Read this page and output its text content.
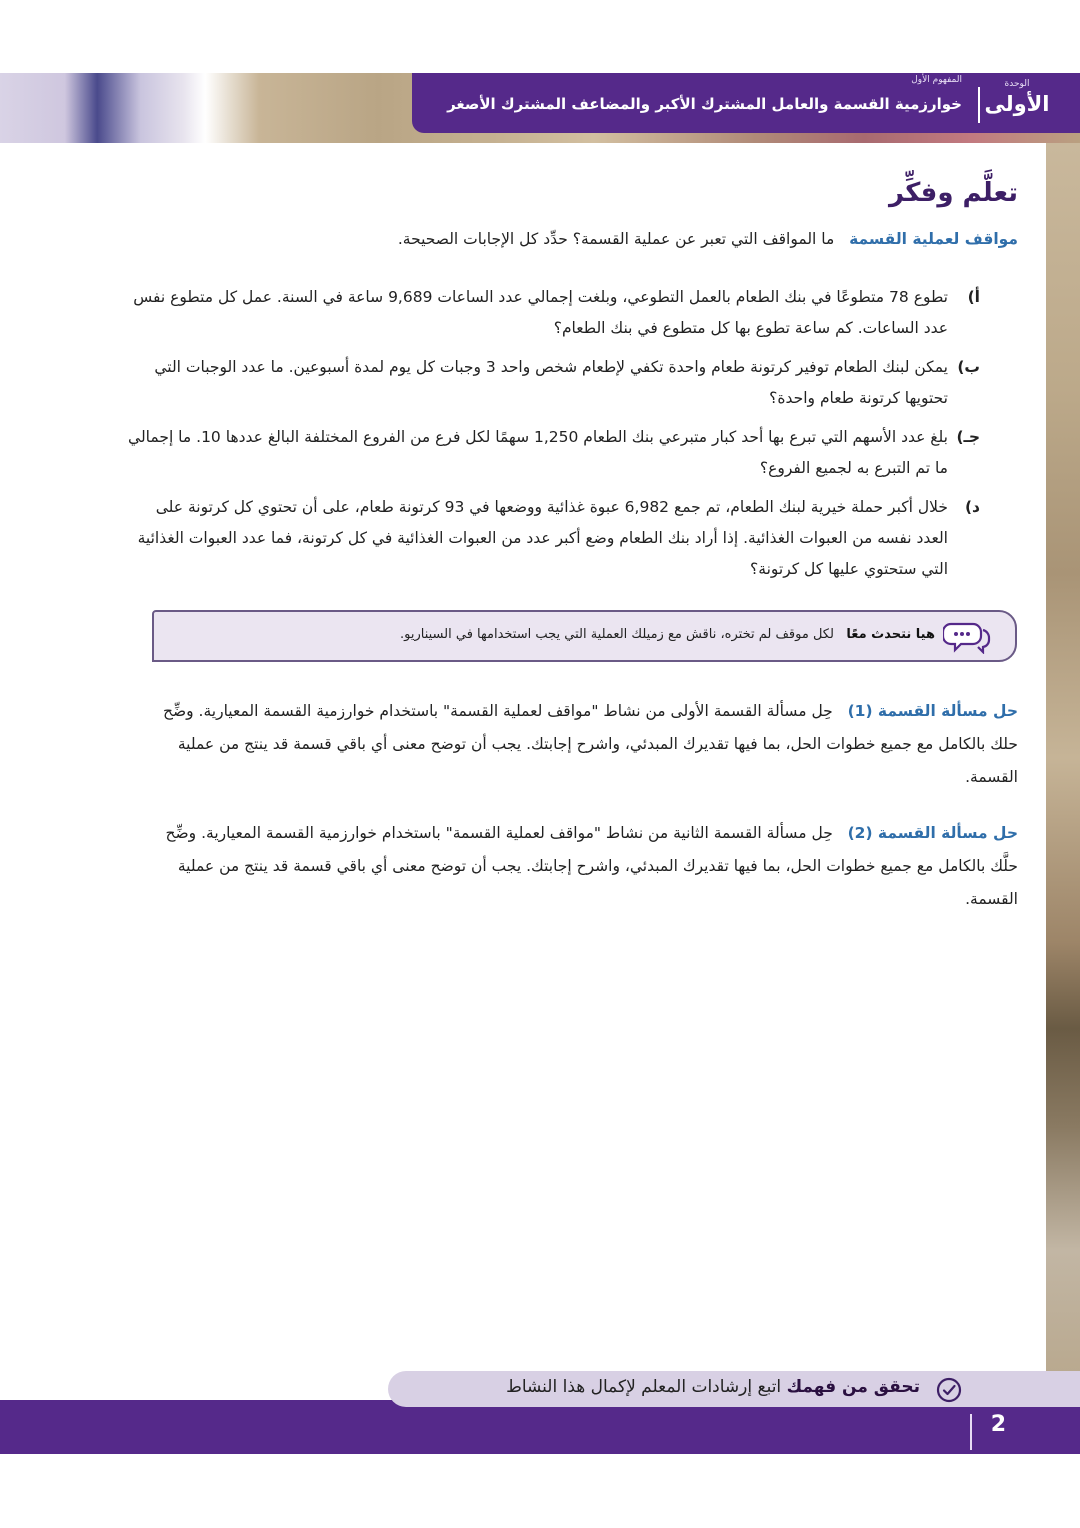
الوحدة
الأولى
المفهوم الأول
خوارزمية القسمة والعامل المشترك الأكبر والمضاعف المشترك الأصغر
تعلَّم وفكِّر

مواقف لعملية القسمة   ما المواقف التي تعبر عن عملية القسمة؟ حدِّد كل الإجابات الصحيحة.

أ)
تطوع 78 متطوعًا في بنك الطعام بالعمل التطوعي، وبلغت إجمالي عدد الساعات 9,689 ساعة في السنة. عمل كل متطوع نفس عدد الساعات. كم ساعة تطوع بها كل متطوع في بنك الطعام؟
ب)
يمكن لبنك الطعام توفير كرتونة طعام واحدة تكفي لإطعام شخص واحد 3 وجبات كل يوم لمدة أسبوعين. ما عدد الوجبات التي تحتويها كرتونة طعام واحدة؟
جـ)
بلغ عدد الأسهم التي تبرع بها أحد كبار متبرعي بنك الطعام 1,250 سهمًا لكل فرع من الفروع المختلفة البالغ عددها 10. ما إجمالي ما تم التبرع به لجميع الفروع؟
د)
خلال أكبر حملة خيرية لبنك الطعام، تم جمع 6,982 عبوة غذائية ووضعها في 93 كرتونة طعام، على أن تحتوي كل كرتونة على العدد نفسه من العبوات الغذائية. إذا أراد بنك الطعام وضع أكبر عدد من العبوات الغذائية في كل كرتونة، فما عدد العبوات الغذائية التي ستحتوي عليها كل كرتونة؟
هيا نتحدث معًا   لكل موقف لم تختره، ناقش مع زميلك العملية التي يجب استخدامها في السيناريو.
حل مسألة القسمة (1)   حِل مسألة القسمة الأولى من نشاط "مواقف لعملية القسمة" باستخدام خوارزمية القسمة المعيارية. وضِّح حلك بالكامل مع جميع خطوات الحل، بما فيها تقديرك المبدئي، واشرح إجابتك. يجب أن توضح معنى أي باقي قسمة قد ينتج من عملية القسمة.
حل مسألة القسمة (2)   حِل مسألة القسمة الثانية من نشاط "مواقف لعملية القسمة" باستخدام خوارزمية القسمة المعيارية. وضِّح حلَّك بالكامل مع جميع خطوات الحل، بما فيها تقديرك المبدئي، واشرح إجابتك. يجب أن توضح معنى أي باقي قسمة قد ينتج من عملية القسمة.
2
تحقق من فهمك اتبع إرشادات المعلم لإكمال هذا النشاط
